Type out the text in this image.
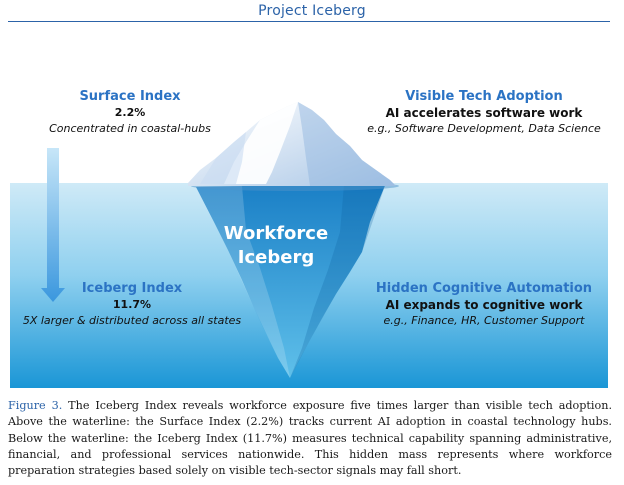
Project Iceberg
Workforce
Iceberg
Surface Index
2.2%
Concentrated in coastal-hubs
Visible Tech Adoption
AI accelerates software work
e.g., Software Development, Data Science
Iceberg Index
11.7%
5X larger & distributed across all states
Hidden Cognitive Automation
AI expands to cognitive work
e.g., Finance, HR, Customer Support
Figure 3. The Iceberg Index reveals workforce exposure five times larger than visible tech adoption. Above the waterline: the Surface Index (2.2%) tracks current AI adoption in coastal technology hubs. Below the waterline: the Iceberg Index (11.7%) measures technical capability spanning administrative, financial, and professional services nationwide. This hidden mass represents where workforce preparation strategies based solely on visible tech-sector signals may fall short.
